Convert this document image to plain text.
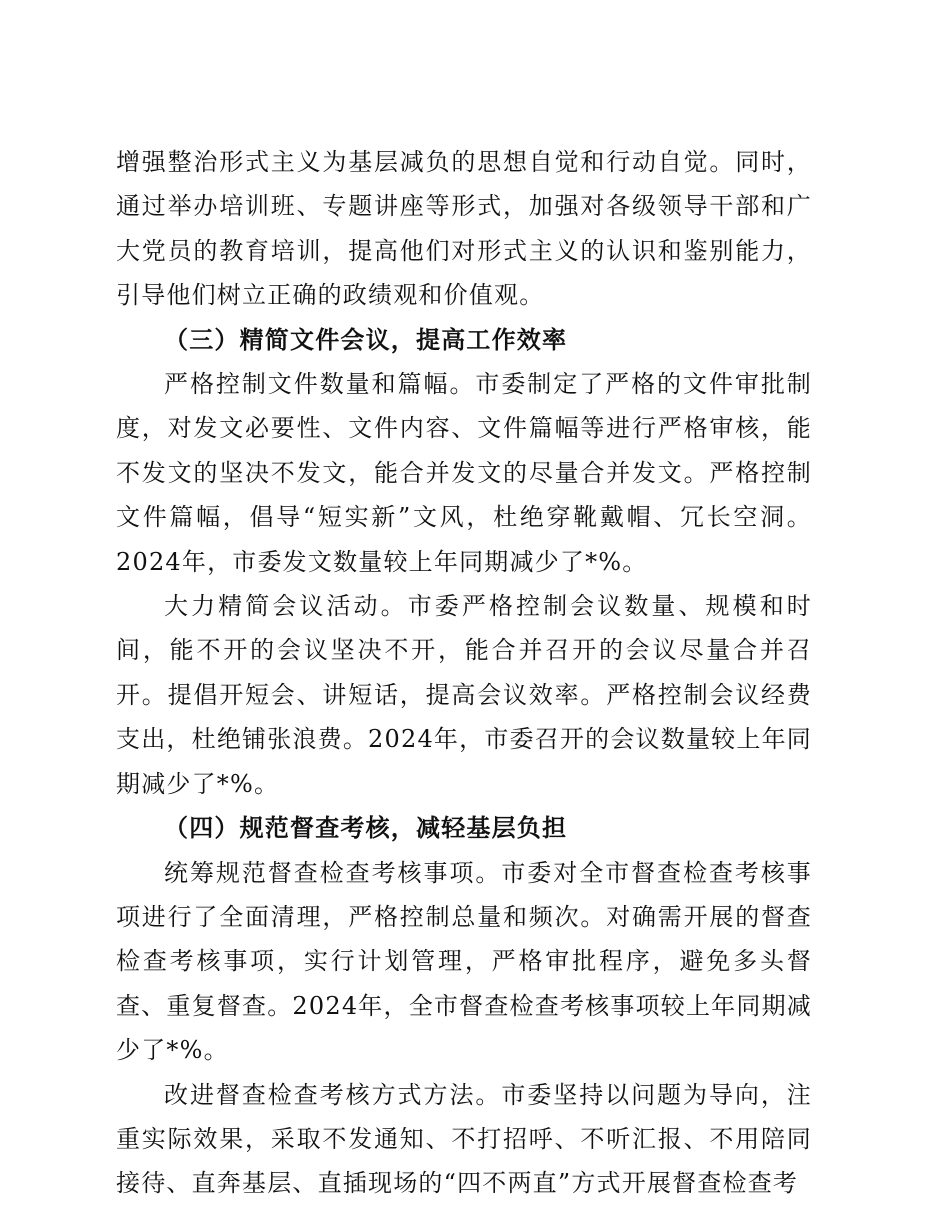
增强整治形式主义为基层减负的思想自觉和行动自觉。同时，通过举办培训班、专题讲座等形式，加强对各级领导干部和广大党员的教育培训，提高他们对形式主义的认识和鉴别能力，引导他们树立正确的政绩观和价值观。

（三）精简文件会议，提高工作效率

严格控制文件数量和篇幅。市委制定了严格的文件审批制度，对发文必要性、文件内容、文件篇幅等进行严格审核，能不发文的坚决不发文，能合并发文的尽量合并发文。严格控制文件篇幅，倡导“短实新”文风，杜绝穿靴戴帽、冗长空洞。2024年，市委发文数量较上年同期减少了*%。

大力精简会议活动。市委严格控制会议数量、规模和时间，能不开的会议坚决不开，能合并召开的会议尽量合并召开。提倡开短会、讲短话，提高会议效率。严格控制会议经费支出，杜绝铺张浪费。2024年，市委召开的会议数量较上年同期减少了*%。

（四）规范督查考核，减轻基层负担

统筹规范督查检查考核事项。市委对全市督查检查考核事项进行了全面清理，严格控制总量和频次。对确需开展的督查检查考核事项，实行计划管理，严格审批程序，避免多头督查、重复督查。2024年，全市督查检查考核事项较上年同期减少了*%。

改进督查检查考核方式方法。市委坚持以问题为导向，注重实际效果，采取不发通知、不打招呼、不听汇报、不用陪同接待、直奔基层、直插现场的“四不两直”方式开展督查检查考
